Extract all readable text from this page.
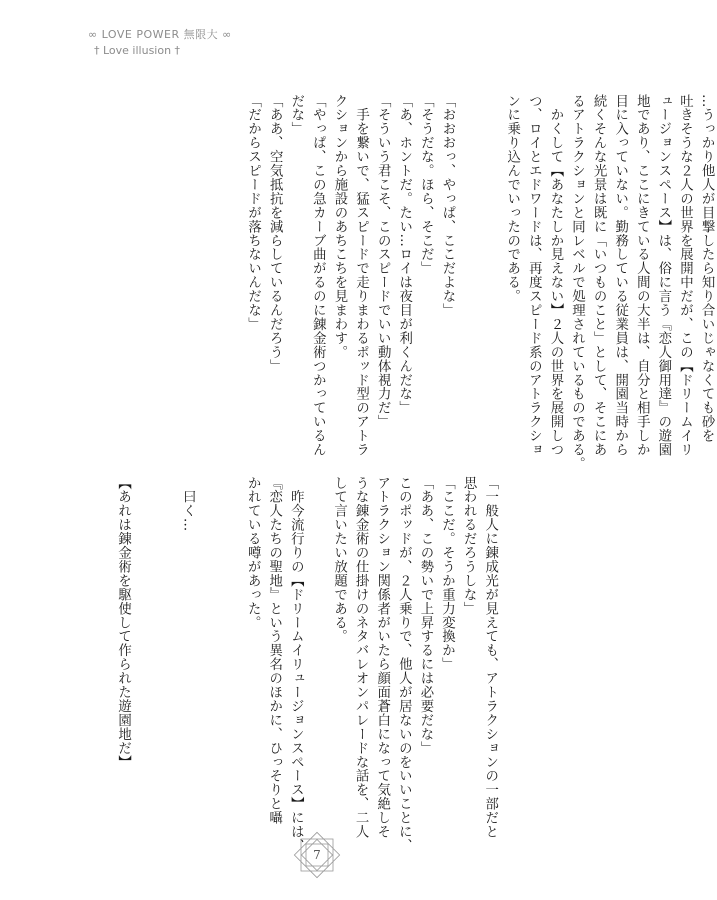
∞ LOVE POWER 無限大 ∞
† Love illusion †

…うっかり他人が目撃したら知り合いじゃなくても砂を

吐きそうな２人の世界を展開中だが、この【ドリームイリ

ュージョンスペース】は、俗に言う『恋人御用達』の遊園

地であり、ここにきている人間の大半は、自分と相手しか

目に入っていない。勤務している従業員は、開園当時から

続くそんな光景は既に「いつものこと」として、そこにあ

るアトラクションと同レベルで処理されているものである。

　かくして【あなたしか見えない】２人の世界を展開しつ

つ、ロイとエドワードは、再度スピード系のアトラクショ

ンに乗り込んでいったのである。

「おおおっ、やっぱ、ここだよな」

「そうだな。ほら、そこだ」

「あ、ホントだ。たい…ロイは夜目が利くんだな」

「そういう君こそ、このスピードでいい動体視力だ」

　手を繋いで、猛スピードで走りまわるポッド型のアトラ

クションから施設のあちこちを見まわす。

「やっぱ、この急カーブ曲がるのに錬金術つかっているん

だな」

「ああ、空気抵抗を減らしているんだろう」

「だからスピードが落ちないんだな」

「一般人に錬成光が見えても、アトラクションの一部だと

思われるだろうしな」

「ここだ。そうか重力変換か」

「ああ、この勢いで上昇するには必要だな」

このポッドが、２人乗りで、他人が居ないのをいいことに、

アトラクション関係者がいたら顔面蒼白になって気絶しそ

うな錬金術の仕掛けのネタバレオンパレードな話を、二人

して言いたい放題である。

　昨今流行りの【ドリームイリュージョンスペース】には、

『恋人たちの聖地』という異名のほかに、ひっそりと囁

かれている噂があった。

　曰く…

【あれは錬金術を駆使して作られた遊園地だ】

7
